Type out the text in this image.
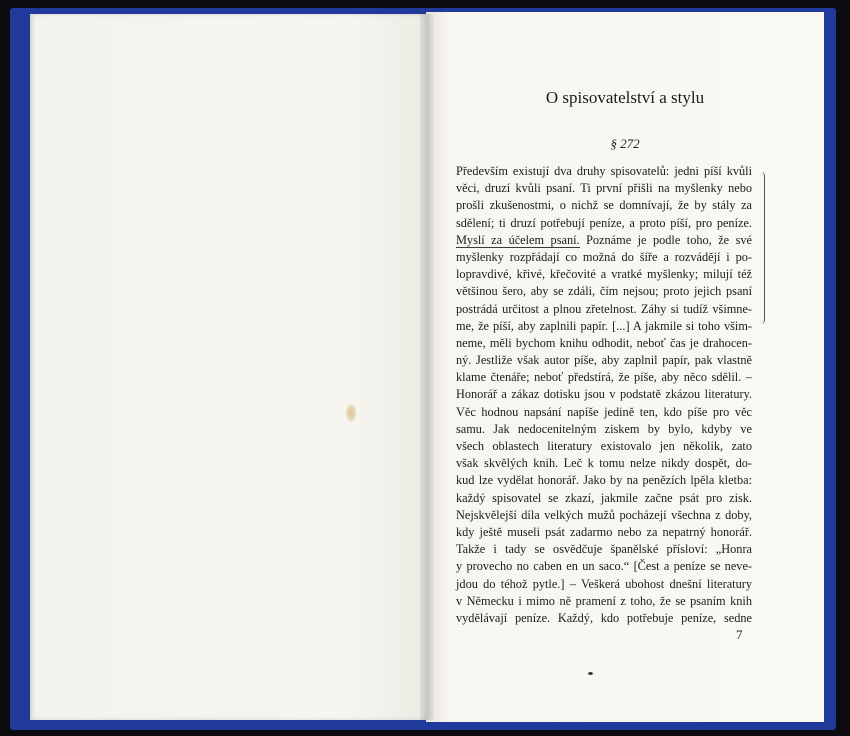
O spisovatelství a stylu
§ 272
Především existují dva druhy spisovatelů: jedni píší kvůli
věci, druzí kvůli psaní. Ti první přišli na myšlenky nebo
prošli zkušenostmi, o nichž se domnívají, že by stály za
sdělení; ti druzí potřebují peníze, a proto píší, pro peníze.
Myslí za účelem psaní. Poznáme je podle toho, že své
myšlenky rozpřádají co možná do šíře a rozvádějí i po-
lopravdivé, křivé, křečovité a vratké myšlenky; milují též
většinou šero, aby se zdáli, čím nejsou; proto jejich psaní
postrádá určitost a plnou zřetelnost. Záhy si tudíž všimne-
me, že píší, aby zaplnili papír. [...] A jakmile si toho všim-
neme, měli bychom knihu odhodit, neboť čas je drahocen-
ný. Jestliže však autor píše, aby zaplnil papír, pak vlastně
klame čtenáře; neboť předstírá, že píše, aby něco sdělil. –
Honorář a zákaz dotisku jsou v podstatě zkázou literatury.
Věc hodnou napsání napíše jedině ten, kdo píše pro věc
samu. Jak nedocenitelným ziskem by bylo, kdyby ve
všech oblastech literatury existovalo jen několik, zato
však skvělých knih. Leč k tomu nelze nikdy dospět, do-
kud lze vydělat honorář. Jako by na penězích lpěla kletba:
každý spisovatel se zkazí, jakmile začne psát pro zisk.
Nejskvělejší díla velkých mužů pocházejí všechna z doby,
kdy ještě museli psát zadarmo nebo za nepatrný honorář.
Takže i tady se osvědčuje španělské přísloví: „Honra
y provecho no caben en un saco.“ [Čest a peníze se neve-
jdou do téhož pytle.] – Veškerá ubohost dnešní literatury
v Německu i mimo ně pramení z toho, že se psaním knih
vydělávají peníze. Každý, kdo potřebuje peníze, sedne
7
